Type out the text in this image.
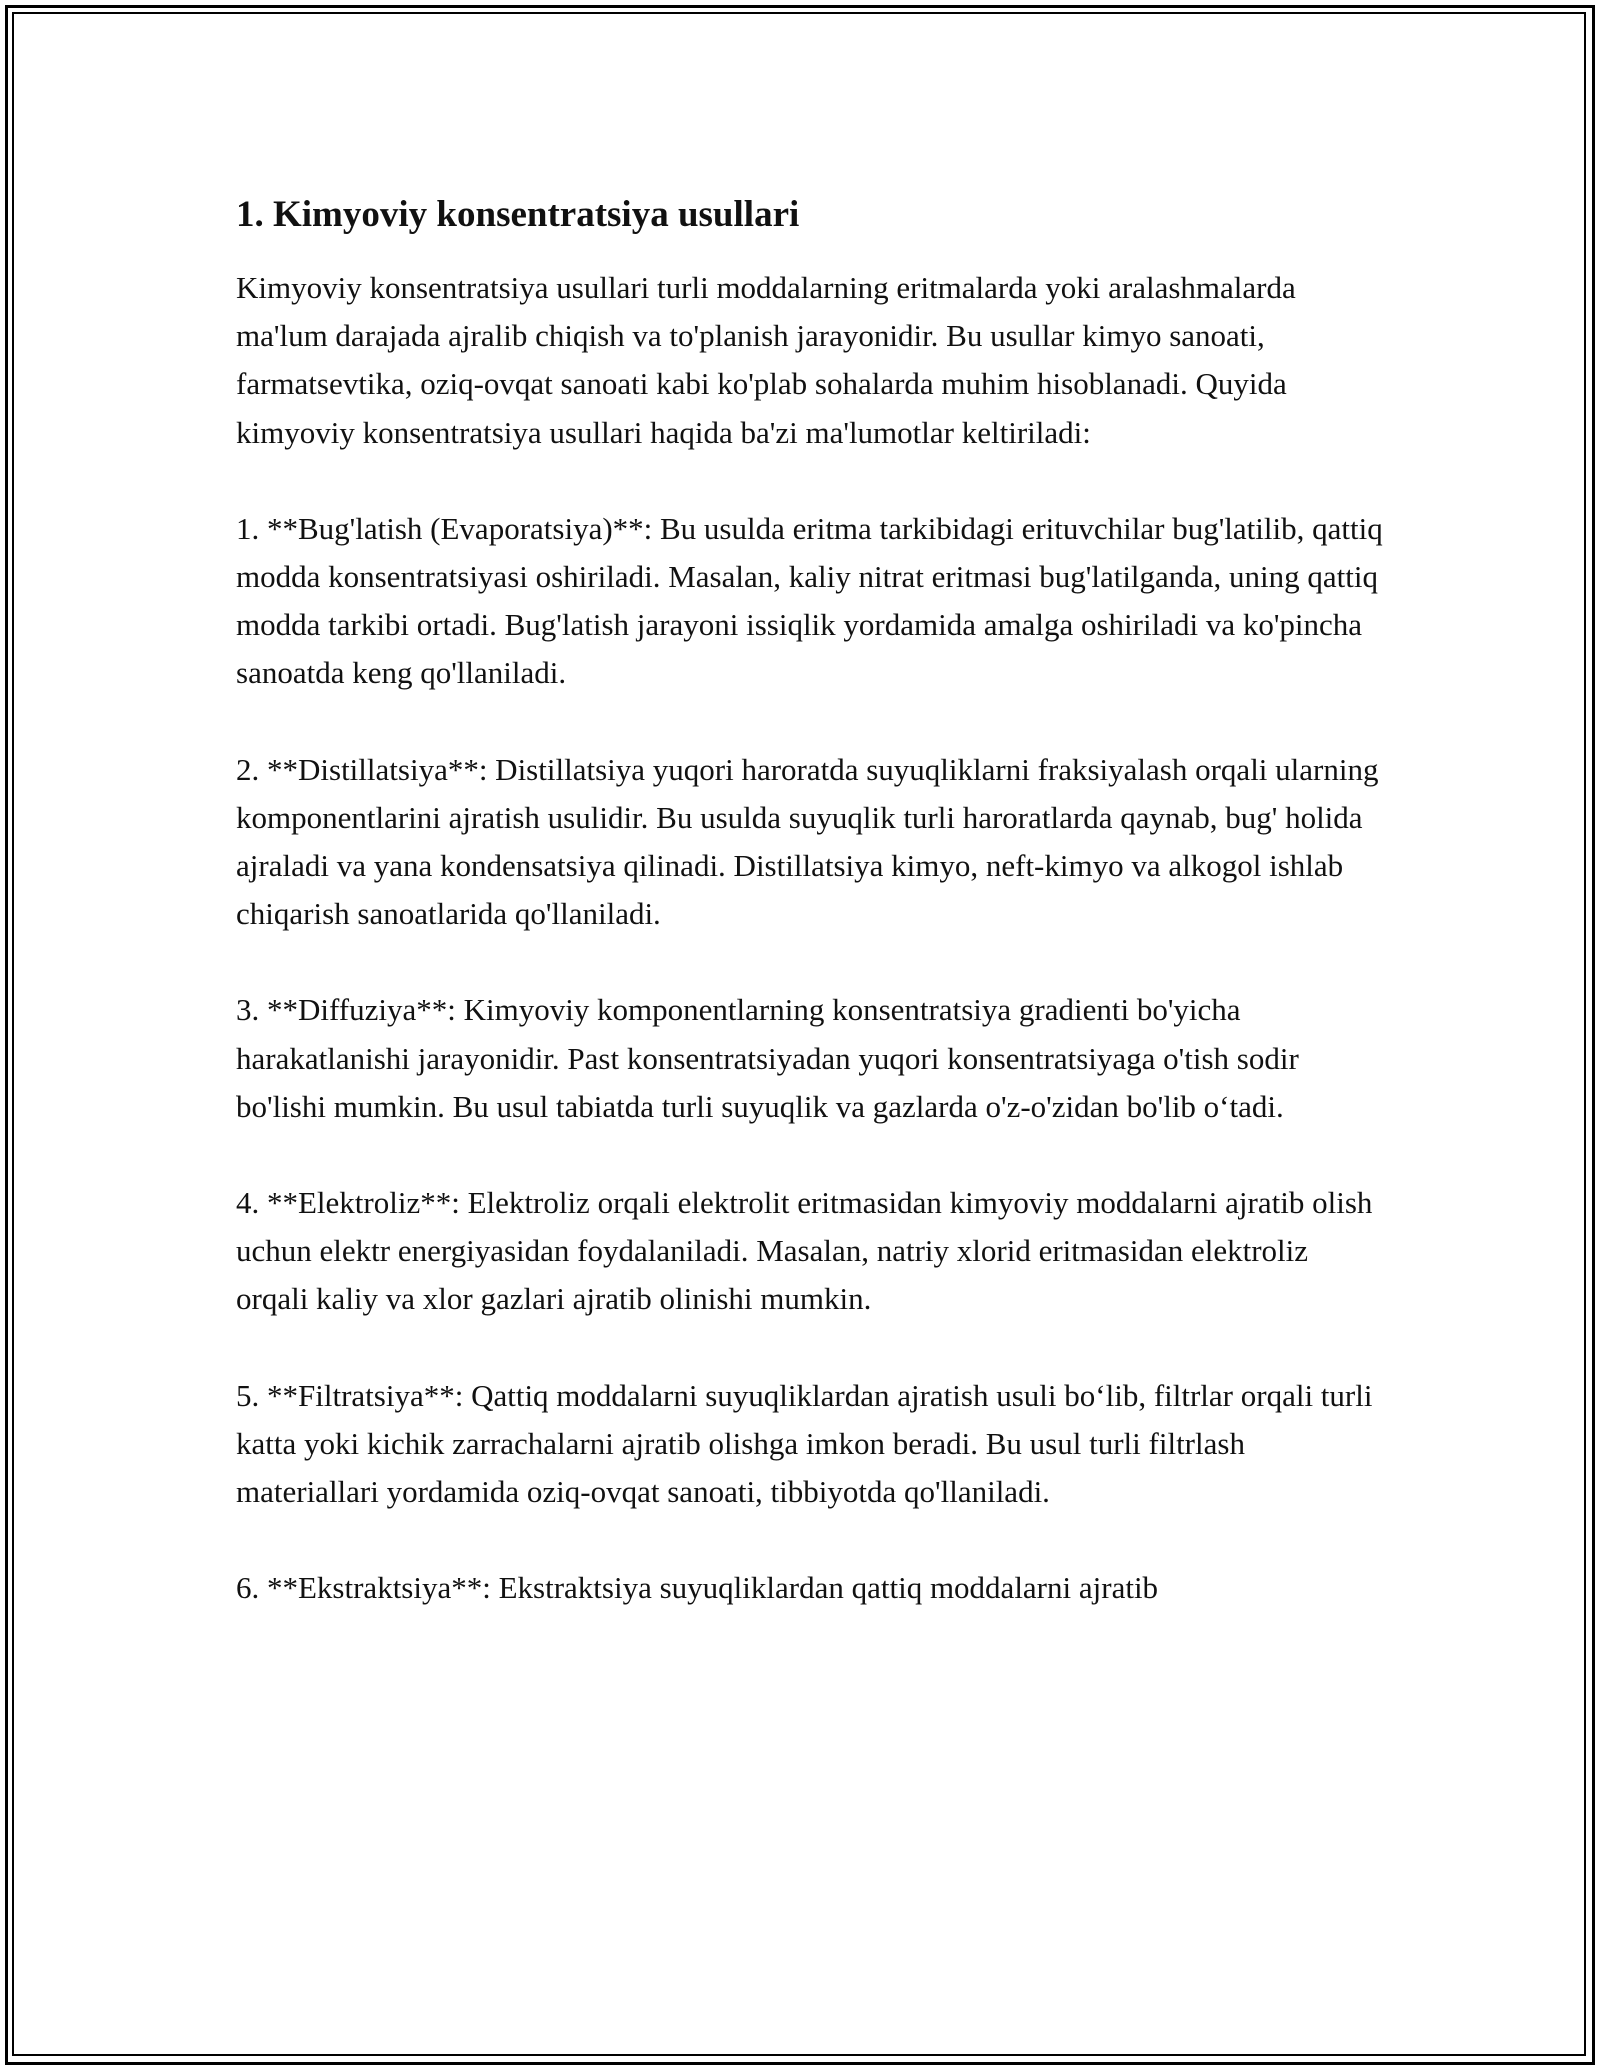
1. Kimyoviy konsentratsiya usullari

Kimyoviy konsentratsiya usullari turli moddalarning eritmalarda yoki aralashmalarda ma'lum darajada ajralib chiqish va to'planish jarayonidir. Bu usullar kimyo sanoati, farmatsevtika, oziq-ovqat sanoati kabi ko'plab sohalarda muhim hisoblanadi. Quyida kimyoviy konsentratsiya usullari haqida ba'zi ma'lumotlar keltiriladi:

1. **Bug'latish (Evaporatsiya)**: Bu usulda eritma tarkibidagi erituvchilar bug'latilib, qattiq modda konsentratsiyasi oshiriladi. Masalan, kaliy nitrat eritmasi bug'latilganda, uning qattiq modda tarkibi ortadi. Bug'latish jarayoni issiqlik yordamida amalga oshiriladi va ko'pincha sanoatda keng qo'llaniladi.

2. **Distillatsiya**: Distillatsiya yuqori haroratda suyuqliklarni fraksiyalash orqali ularning komponentlarini ajratish usulidir. Bu usulda suyuqlik turli haroratlarda qaynab, bug' holida ajraladi va yana kondensatsiya qilinadi. Distillatsiya kimyo, neft-kimyo va alkogol ishlab chiqarish sanoatlarida qo'llaniladi.

3. **Diffuziya**: Kimyoviy komponentlarning konsentratsiya gradienti bo'yicha harakatlanishi jarayonidir. Past konsentratsiyadan yuqori konsentratsiyaga o'tish sodir bo'lishi mumkin. Bu usul tabiatda turli suyuqlik va gazlarda o'z-o'zidan bo'lib o‘tadi.

4. **Elektroliz**: Elektroliz orqali elektrolit eritmasidan kimyoviy moddalarni ajratib olish uchun elektr energiyasidan foydalaniladi. Masalan, natriy xlorid eritmasidan elektroliz orqali kaliy va xlor gazlari ajratib olinishi mumkin.

5. **Filtratsiya**: Qattiq moddalarni suyuqliklardan ajratish usuli bo‘lib, filtrlar orqali turli katta yoki kichik zarrachalarni ajratib olishga imkon beradi. Bu usul turli filtrlash materiallari yordamida oziq-ovqat sanoati, tibbiyotda qo'llaniladi.

6. **Ekstraktsiya**: Ekstraktsiya suyuqliklardan qattiq moddalarni ajratib
